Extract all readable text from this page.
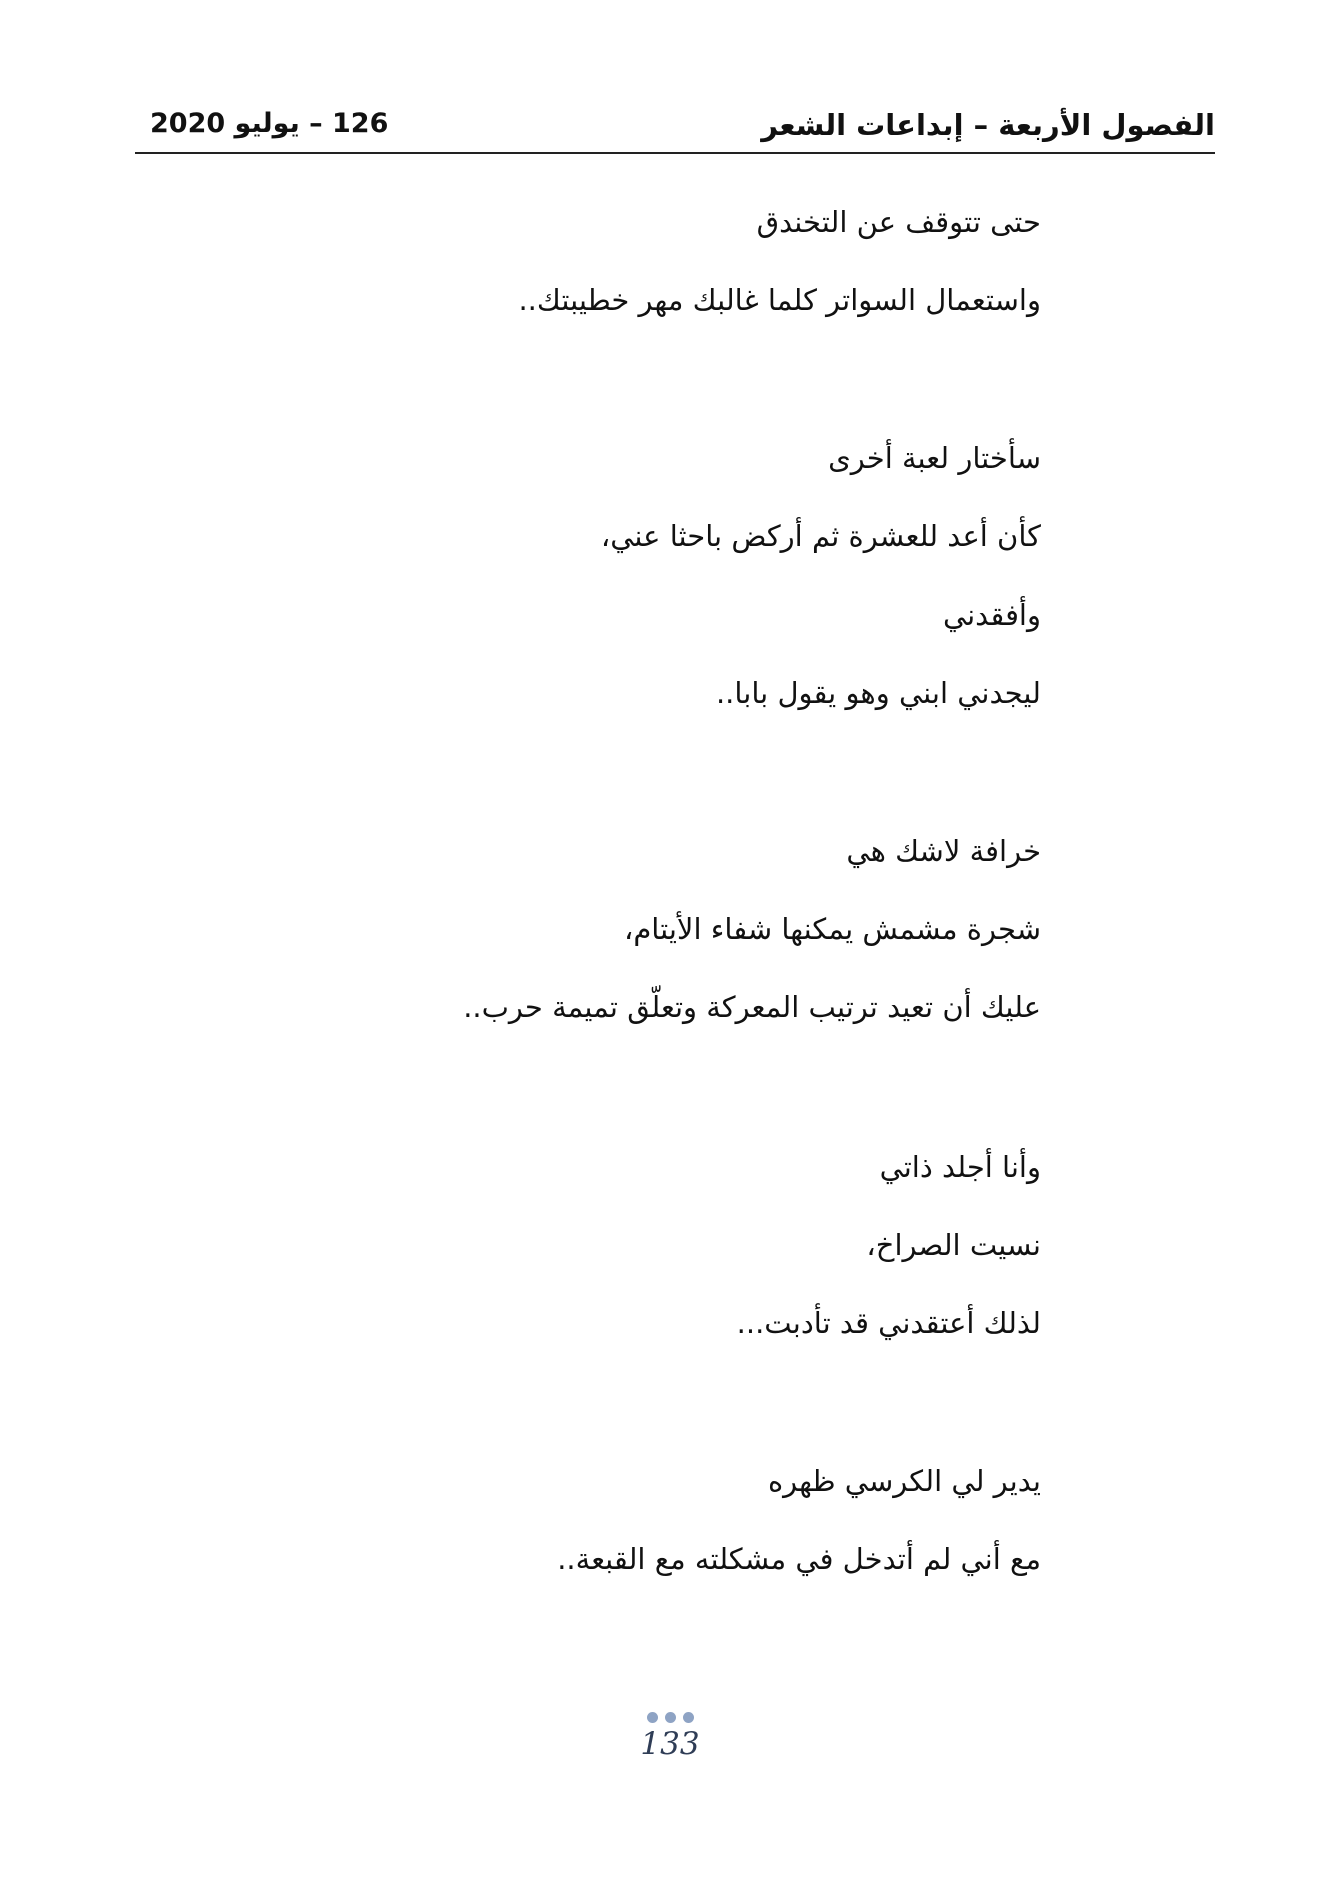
الفصول الأربعة – إبداعات الشعر
126 – يوليو 2020
حتى تتوقف عن التخندق
واستعمال السواتر كلما غالبك مهر خطيبتك..
سأختار لعبة أخرى
كأن أعد للعشرة ثم أركض باحثا عني،
وأفقدني
ليجدني ابني وهو يقول بابا..
خرافة لاشك هي
شجرة مشمش يمكنها شفاء الأيتام،
عليك أن تعيد ترتيب المعركة وتعلّق تميمة حرب..
وأنا أجلد ذاتي
نسيت الصراخ،
لذلك أعتقدني قد تأدبت...
يدير لي الكرسي ظهره
مع أني لم أتدخل في مشكلته مع القبعة..
133
